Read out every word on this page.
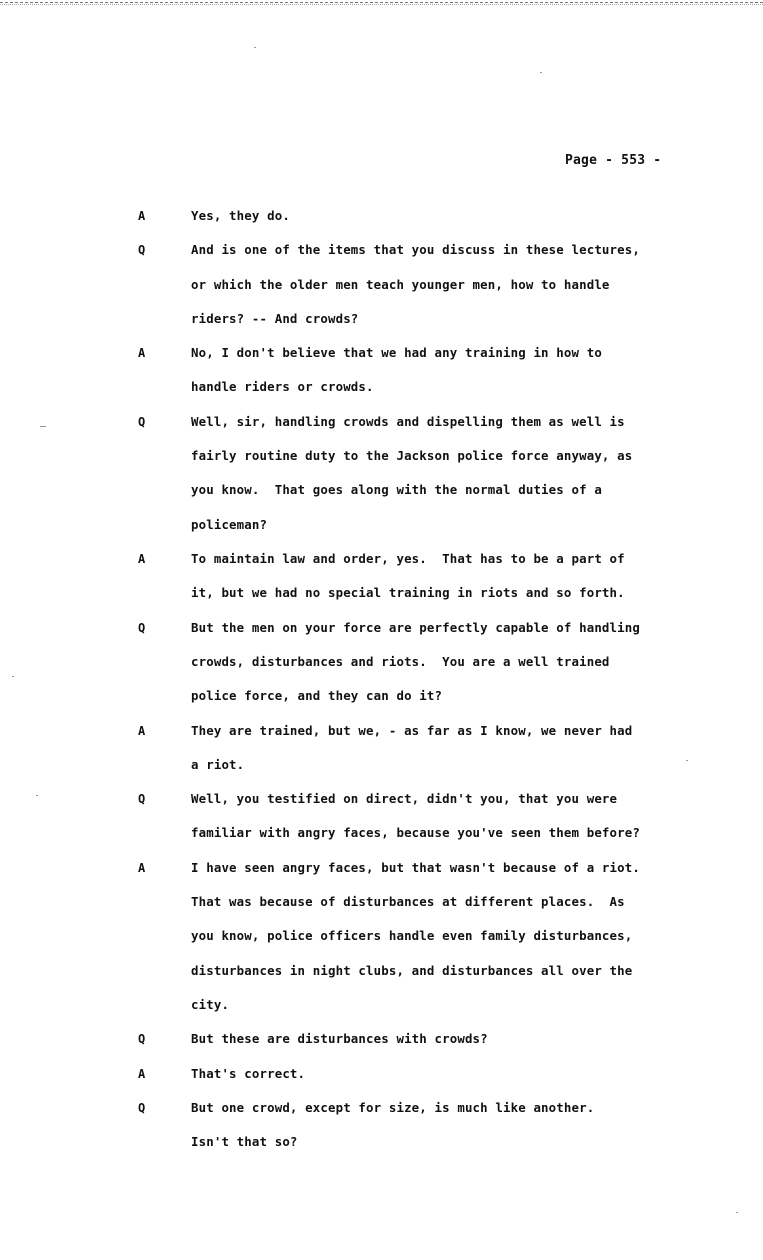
Page - 553 -
A	Yes, they do.
Q	And is one of the items that you discuss in these lectures,
or which the older men teach younger men, how to handle
riders? -- And crowds?
A	No, I don't believe that we had any training in how to
handle riders or crowds.
Q	Well, sir, handling crowds and dispelling them as well is
fairly routine duty to the Jackson police force anyway, as
you know.  That goes along with the normal duties of a
policeman?
A	To maintain law and order, yes.  That has to be a part of
it, but we had no special training in riots and so forth.
Q	But the men on your force are perfectly capable of handling
crowds, disturbances and riots.  You are a well trained
police force, and they can do it?
A	They are trained, but we, - as far as I know, we never had
a riot.
Q	Well, you testified on direct, didn't you, that you were
familiar with angry faces, because you've seen them before?
A	I have seen angry faces, but that wasn't because of a riot.
That was because of disturbances at different places.  As
you know, police officers handle even family disturbances,
disturbances in night clubs, and disturbances all over the
city.
Q	But these are disturbances with crowds?
A	That's correct.
Q	But one crowd, except for size, is much like another.
Isn't that so?
